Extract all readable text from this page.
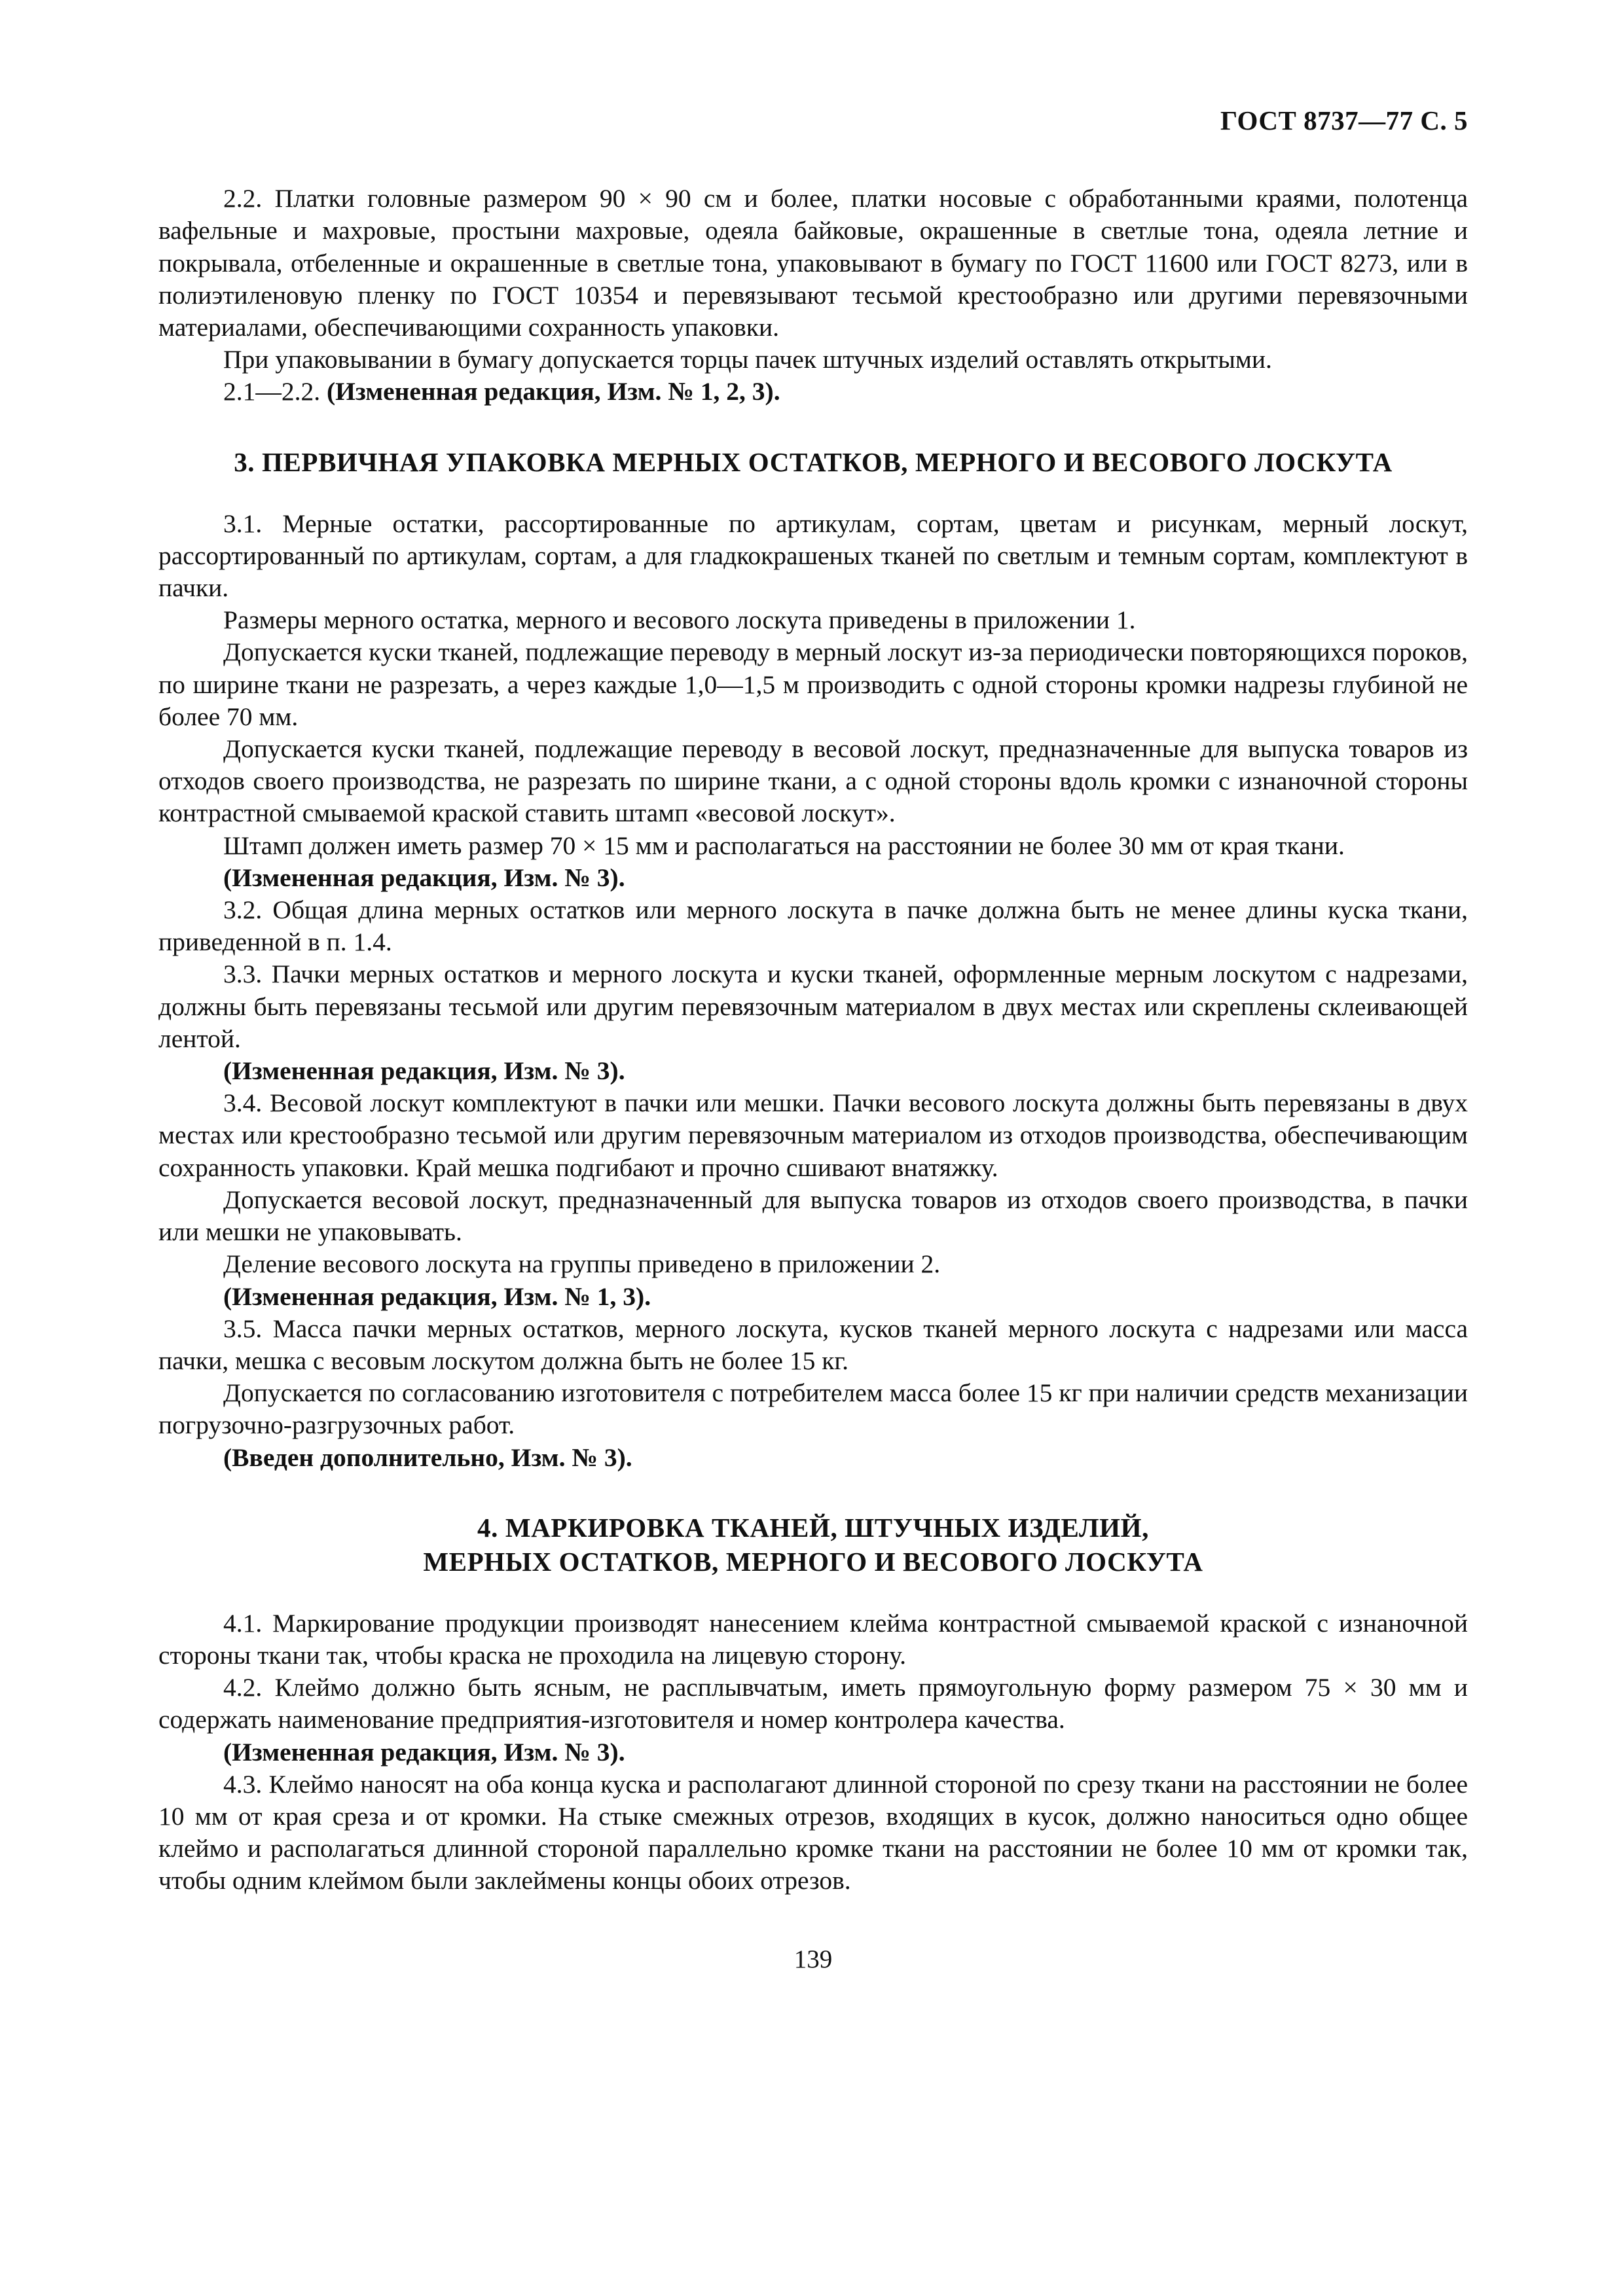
ГОСТ 8737—77 С. 5

2.2. Платки головные размером 90 × 90 см и более, платки носовые с обработанными краями, полотенца вафельные и махровые, простыни махровые, одеяла байковые, окрашенные в светлые тона, одеяла летние и покрывала, отбеленные и окрашенные в светлые тона, упаковывают в бумагу по ГОСТ 11600 или ГОСТ 8273, или в полиэтиленовую пленку по ГОСТ 10354 и перевязывают тесьмой крестообразно или другими перевязочными материалами, обеспечивающими сохранность упаковки.

При упаковывании в бумагу допускается торцы пачек штучных изделий оставлять открытыми.

2.1—2.2. (Измененная редакция, Изм. № 1, 2, 3).

3. ПЕРВИЧНАЯ УПАКОВКА МЕРНЫХ ОСТАТКОВ, МЕРНОГО И ВЕСОВОГО ЛОСКУТА

3.1. Мерные остатки, рассортированные по артикулам, сортам, цветам и рисункам, мерный лоскут, рассортированный по артикулам, сортам, а для гладкокрашеных тканей по светлым и темным сортам, комплектуют в пачки.

Размеры мерного остатка, мерного и весового лоскута приведены в приложении 1.

Допускается куски тканей, подлежащие переводу в мерный лоскут из-за периодически повторяющихся пороков, по ширине ткани не разрезать, а через каждые 1,0—1,5 м производить с одной стороны кромки надрезы глубиной не более 70 мм.

Допускается куски тканей, подлежащие переводу в весовой лоскут, предназначенные для выпуска товаров из отходов своего производства, не разрезать по ширине ткани, а с одной стороны вдоль кромки с изнаночной стороны контрастной смываемой краской ставить штамп «весовой лоскут».

Штамп должен иметь размер 70 × 15 мм и располагаться на расстоянии не более 30 мм от края ткани.

(Измененная редакция, Изм. № 3).

3.2. Общая длина мерных остатков или мерного лоскута в пачке должна быть не менее длины куска ткани, приведенной в п. 1.4.

3.3. Пачки мерных остатков и мерного лоскута и куски тканей, оформленные мерным лоскутом с надрезами, должны быть перевязаны тесьмой или другим перевязочным материалом в двух местах или скреплены склеивающей лентой.

(Измененная редакция, Изм. № 3).

3.4. Весовой лоскут комплектуют в пачки или мешки. Пачки весового лоскута должны быть перевязаны в двух местах или крестообразно тесьмой или другим перевязочным материалом из отходов производства, обеспечивающим сохранность упаковки. Край мешка подгибают и прочно сшивают внатяжку.

Допускается весовой лоскут, предназначенный для выпуска товаров из отходов своего производства, в пачки или мешки не упаковывать.

Деление весового лоскута на группы приведено в приложении 2.

(Измененная редакция, Изм. № 1, 3).

3.5. Масса пачки мерных остатков, мерного лоскута, кусков тканей мерного лоскута с надрезами или масса пачки, мешка с весовым лоскутом должна быть не более 15 кг.

Допускается по согласованию изготовителя с потребителем масса более 15 кг при наличии средств механизации погрузочно-разгрузочных работ.

(Введен дополнительно, Изм. № 3).

4. МАРКИРОВКА ТКАНЕЙ, ШТУЧНЫХ ИЗДЕЛИЙ,
МЕРНЫХ ОСТАТКОВ, МЕРНОГО И ВЕСОВОГО ЛОСКУТА

4.1. Маркирование продукции производят нанесением клейма контрастной смываемой краской с изнаночной стороны ткани так, чтобы краска не проходила на лицевую сторону.

4.2. Клеймо должно быть ясным, не расплывчатым, иметь прямоугольную форму размером 75 × 30 мм и содержать наименование предприятия-изготовителя и номер контролера качества.

(Измененная редакция, Изм. № 3).

4.3. Клеймо наносят на оба конца куска и располагают длинной стороной по срезу ткани на расстоянии не более 10 мм от края среза и от кромки. На стыке смежных отрезов, входящих в кусок, должно наноситься одно общее клеймо и располагаться длинной стороной параллельно кромке ткани на расстоянии не более 10 мм от кромки так, чтобы одним клеймом были заклеймены концы обоих отрезов.

139
